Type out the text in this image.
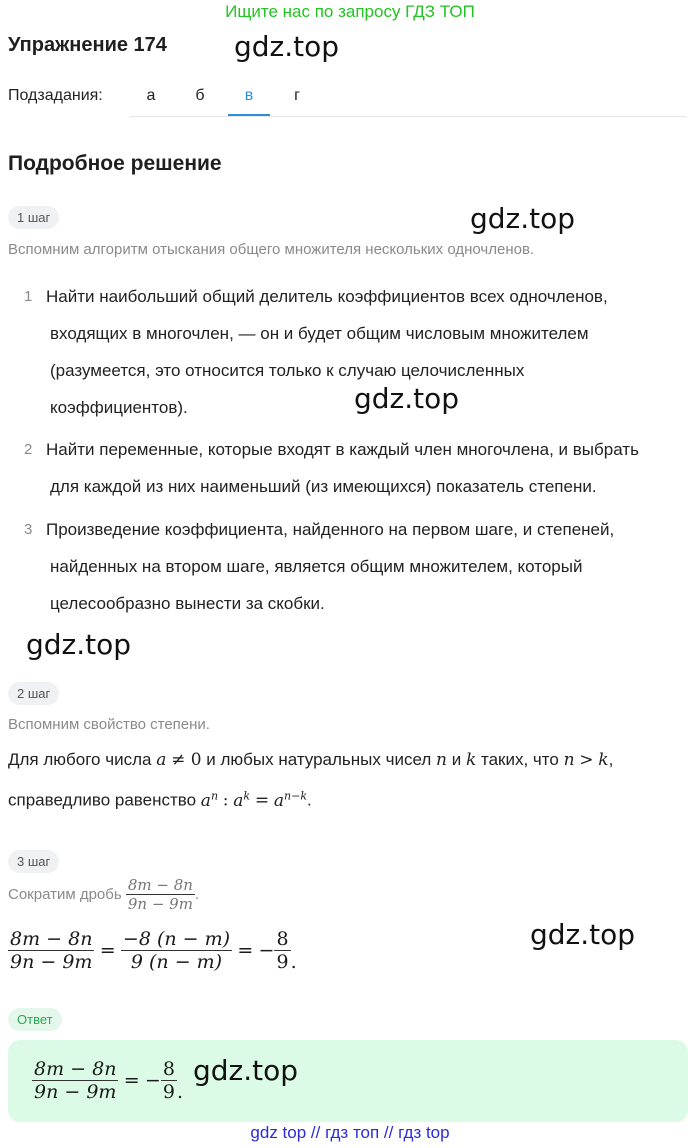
Ищите нас по запросу ГДЗ ТОП
Упражнение 174 gdz.top
Подзадания:	а	б	в	г
Подробное решение
1 шаг	gdz.top
Вспомним алгоритм отыскания общего множителя нескольких одночленов.
1 Найти наибольший общий делитель коэффициентов всех одночленов,
входящих в многочлен, — он и будет общим числовым множителем
(разумеется, это относится только к случаю целочисленных
коэффициентов).	gdz.top
2 Найти переменные, которые входят в каждый член многочлена, и выбрать
для каждой из них наименьший (из имеющихся) показатель степени.
3 Произведение коэффициента, найденного на первом шаге, и степеней,
найденных на втором шаге, является общим множителем, который
целесообразно вынести за скобки.
gdz.top
2 шаг
Вспомним свойство степени.
Для любого числа a ≠ 0 и любых натуральных чисел n и k таких, что n > k,
справедливо равенство $a^n$ : $a^k = a^{n-k}$.
3 шаг
Сократим дробь $\frac{8m - 8n}{9n - 9m}$ .
$\frac{8m - 8n}{9n - 9m} = \frac{-8 (n - m)}{9 (n - m)}$ = − $\frac{8}{9}$ .
gdz.top
Ответ
$\frac{8m - 8n}{9n - 9m}$ = − $\frac{8}{9}$ .
gdz.top
gdz top // гдз топ // гдз top
